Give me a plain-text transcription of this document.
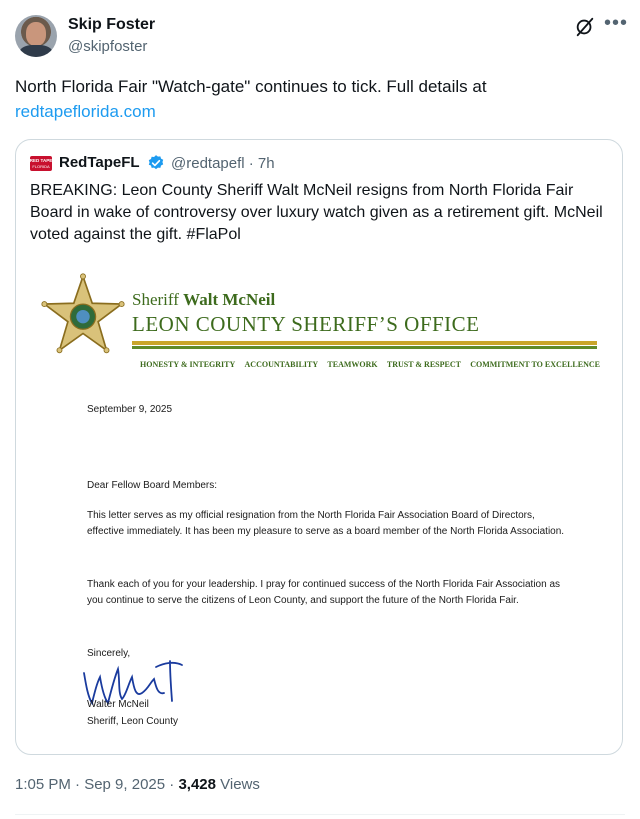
Skip Foster
@skipfoster
•••
North Florida Fair "Watch-gate" continues to tick. Full details at
redtapeflorida.com
RED TAPE
FLORIDA RedTapeFL @redtapefl · 7h
BREAKING: Leon County Sheriff Walt McNeil resigns from North Florida Fair Board in wake of controversy over luxury watch given as a retirement gift. McNeil voted against the gift. #FlaPol
Sheriff Walt McNeil
LEON COUNTY SHERIFF’S OFFICE
HONESTY & INTEGRITY ACCOUNTABILITY TEAMWORK TRUST & RESPECT COMMITMENT TO EXCELLENCE
September 9, 2025
Dear Fellow Board Members:
This letter serves as my official resignation from the North Florida Fair Association Board of Directors, effective immediately. It has been my pleasure to serve as a board member of the North Florida Association.
Thank each of you for your leadership. I pray for continued success of the North Florida Fair Association as you continue to serve the citizens of Leon County, and support the future of the North Florida Fair.
Sincerely,
Walter McNeil
Sheriff, Leon County
1:05 PM · Sep 9, 2025 · 3,428 Views
